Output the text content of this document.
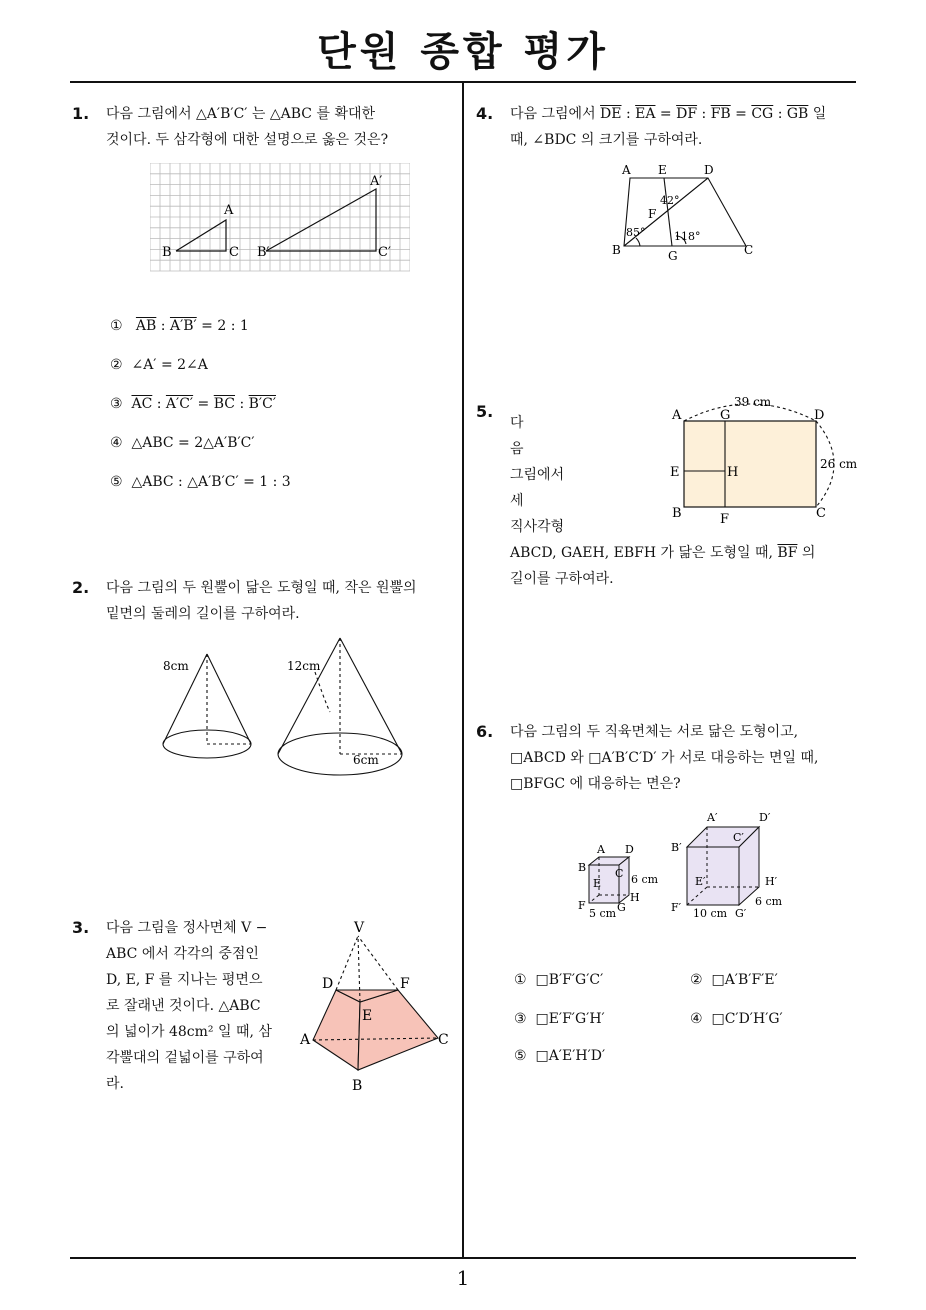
단원 종합 평가
1
1. 다음 그림에서 △A′B′C′ 는 △ABC 를 확대한
것이다. 두 삼각형에 대한 설명으로 옳은 것은?
A
B	C
A′
B′	C′
① $\overline{AB}$ : A′B′ = 2 : 1
② ∠A′ = 2∠A
③ $\overline{AC}$ : $A'C' = \overline{BC}$ : B′C′
④ △ABC = 2△A′B′C′
⑤ △ABC : △A′B′C′ = 1 : 3
2. 다음 그림의 두 원뿔이 닮은 도형일 때, 작은 원뿔의
밑면의 둘레의 길이를 구하여라.
8cm	12cm
6cm
3. 다음 그림을 정사면체 V −
ABC 에서 각각의 중점인
D, E, F 를 지나는 평면으
로 잘래낸 것이다. △ABC
의 넓이가 48cm² 일 때, 삼
각뿔대의 겉넓이를 구하여
라.
V
D	F
E
A
B
C
4. 다음 그림에서 $\overline{DE}$ : $\overline{EA} = \overline{DF}$ : $\overline{FB} = \overline{CG}$ : $\overline{GB}$ 일
때, ∠BDC 의 크기를 구하여라.
A E	D
F
B	G	C
42°
85°	118°
5.
다
음
그림에서
세
직사각형
ABCD, GAEH, EBFH 가 닮은 도형일 때, $\overline{BF}$ 의
길이를 구하여라.
A	G	D
E	H
B	F	C
39 cm
26 cm
6. 다음 그림의 두 직육면체는 서로 닮은 도형이고,
□ABCD 와 □A′B′C′D′ 가 서로 대응하는 면일 때,
□BFGC 에 대응하는 면은?
A D
B	C
E
H
F	G
5 cm
6 cm
A′	D′
B′
C′
E′	H′
F′	G′
10 cm
6 cm
① □B′F′G′C′	② □A′B′F′E′
③ □E′F′G′H′	④ □C′D′H′G′
⑤ □A′E′H′D′
